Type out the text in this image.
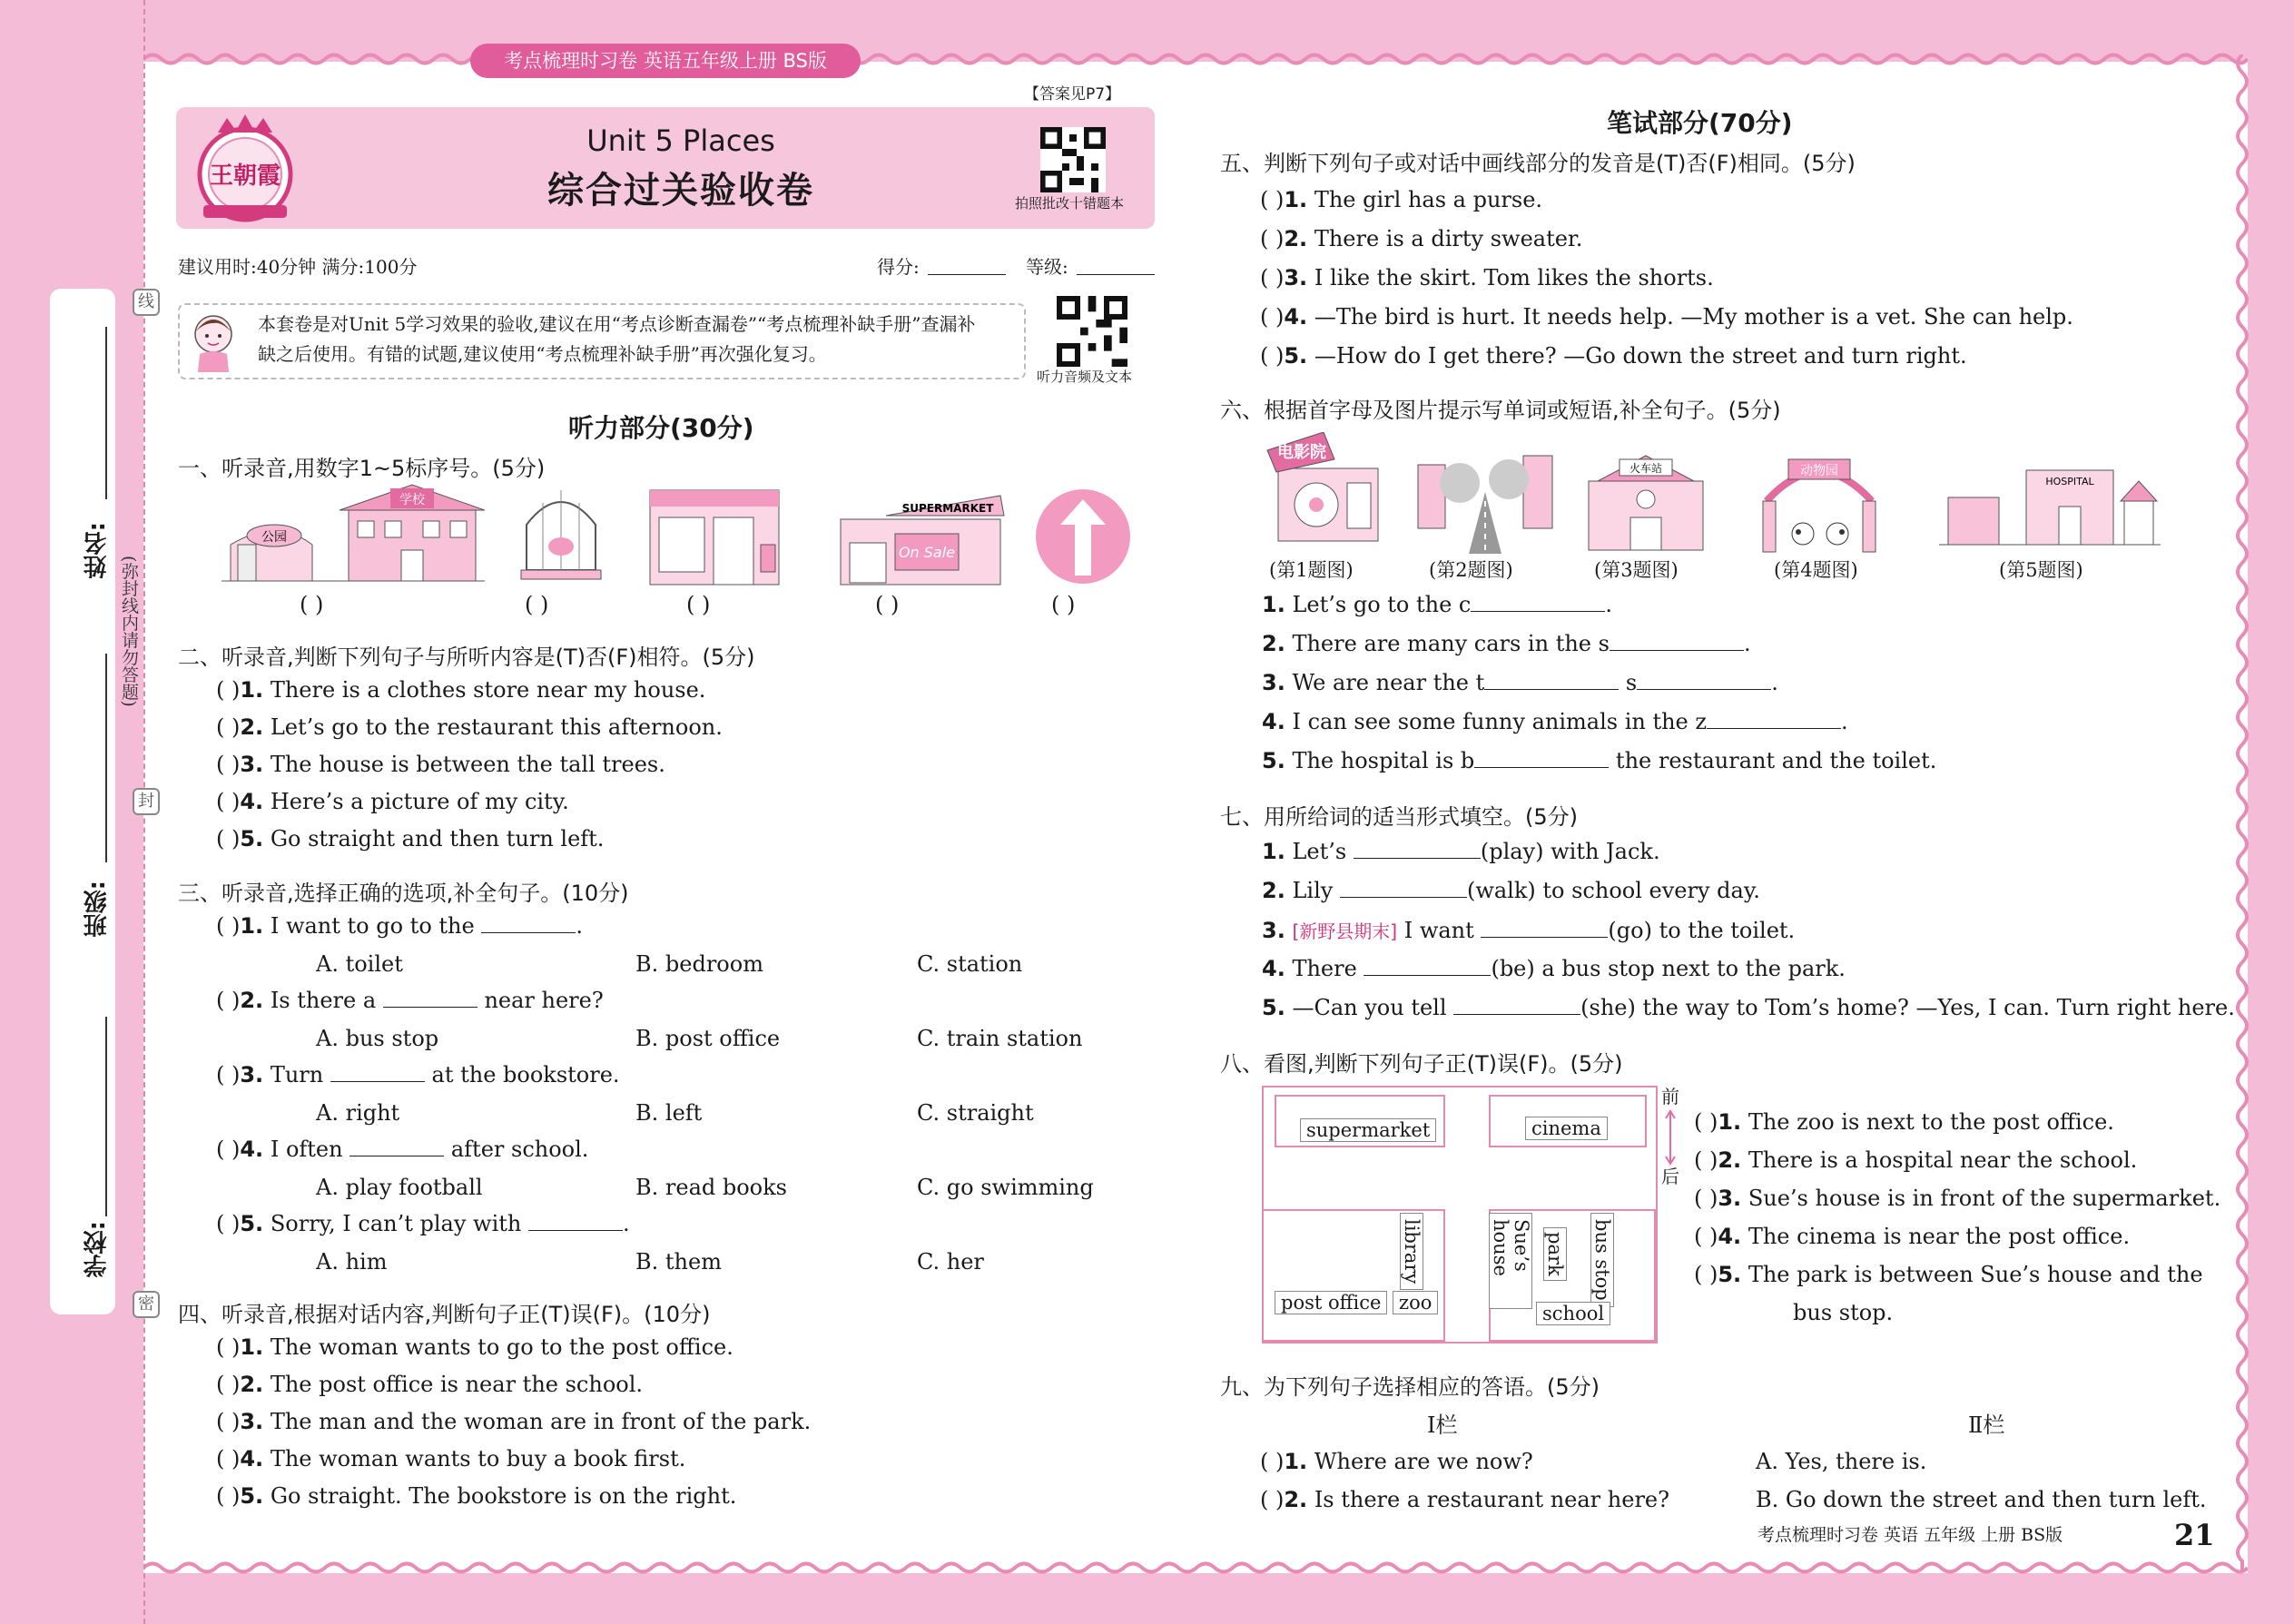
姓名:
班级:
学校:
(弥封线内请勿答题)
线
封
密
考点梳理时习卷 英语五年级上册 BS版
王朝霞
Unit 5 Places
综合过关验收卷
【答案见P7】
拍照批改十错题本
建议用时:40分钟 满分:100分	得分:	等级:
本套卷是对Unit 5学习效果的验收,建议在用“考点诊断查漏卷”“考点梳理补缺手册”查漏补
缺之后使用。有错的试题,建议使用“考点梳理补缺手册”再次强化复习。
听力音频及文本
听力部分(30分)
一、听录音,用数字1~5标序号。(5分)
公园
学校
SUPERMARKET
On Sale
( )	( )	( )	( )	( )
二、听录音,判断下列句子与所听内容是(T)否(F)相符。(5分)
( )1. There is a clothes store near my house.
( )2. Let’s go to the restaurant this afternoon.
( )3. The house is between the tall trees.
( )4. Here’s a picture of my city.
( )5. Go straight and then turn left.
三、听录音,选择正确的选项,补全句子。(10分)
( )1. I want to go to the	.
A. toilet	B. bedroom	C. station
( )2. Is there a	near here?
A. bus stop	B. post office	C. train station
( )3. Turn	at the bookstore.
A. right	B. left	C. straight
( )4. I often	after school.
A. play football	B. read books	C. go swimming
( )5. Sorry, I can’t play with	.
A. him	B. them	C. her
四、听录音,根据对话内容,判断句子正(T)误(F)。(10分)
( )1. The woman wants to go to the post office.
( )2. The post office is near the school.
( )3. The man and the woman are in front of the park.
( )4. The woman wants to buy a book first.
( )5. Go straight. The bookstore is on the right.
笔试部分(70分)
五、判断下列句子或对话中画线部分的发音是(T)否(F)相同。(5分)
( )1. The girl has a purse.
( )2. There is a dirty sweater.
( )3. I like the skirt. Tom likes the shorts.
( )4. —The bird is hurt. It needs help. —My mother is a vet. She can help.
( )5. —How do I get there? —Go down the street and turn right.
六、根据首字母及图片提示写单词或短语,补全句子。(5分)
电影院
火车站	动物园
HOSPITAL
(第1题图)	(第2题图)	(第3题图)	(第4题图)	(第5题图)
1. Let’s go to the c	.
2. There are many cars in the s	.
3. We are near the t	s	.
4. I can see some funny animals in the z	.
5. The hospital is b	the restaurant and the toilet.
七、用所给词的适当形式填空。(5分)
1. Let’s	(play) with Jack.
2. Lily	(walk) to school every day.
3. [新野县期末] I want	(go) to the toilet.
4. There	(be) a bus stop next to the park.
5. —Can you tell	(she) the way to Tom’s home? —Yes, I can. Turn right here.
八、看图,判断下列句子正(T)误(F)。(5分)
supermarket	cinema
library
post office zoo
Sue’s house	park bus stop
school
前
后
( )1. The zoo is next to the post office.
( )2. There is a hospital near the school.
( )3. Sue’s house is in front of the supermarket.
( )4. The cinema is near the post office.
( )5. The park is between Sue’s house and the
bus stop.
九、为下列句子选择相应的答语。(5分)
Ⅰ栏	Ⅱ栏
( )1. Where are we now?	A. Yes, there is.
( )2. Is there a restaurant near here?	B. Go down the street and then turn left.
考点梳理时习卷 英语 五年级 上册 BS版	21
